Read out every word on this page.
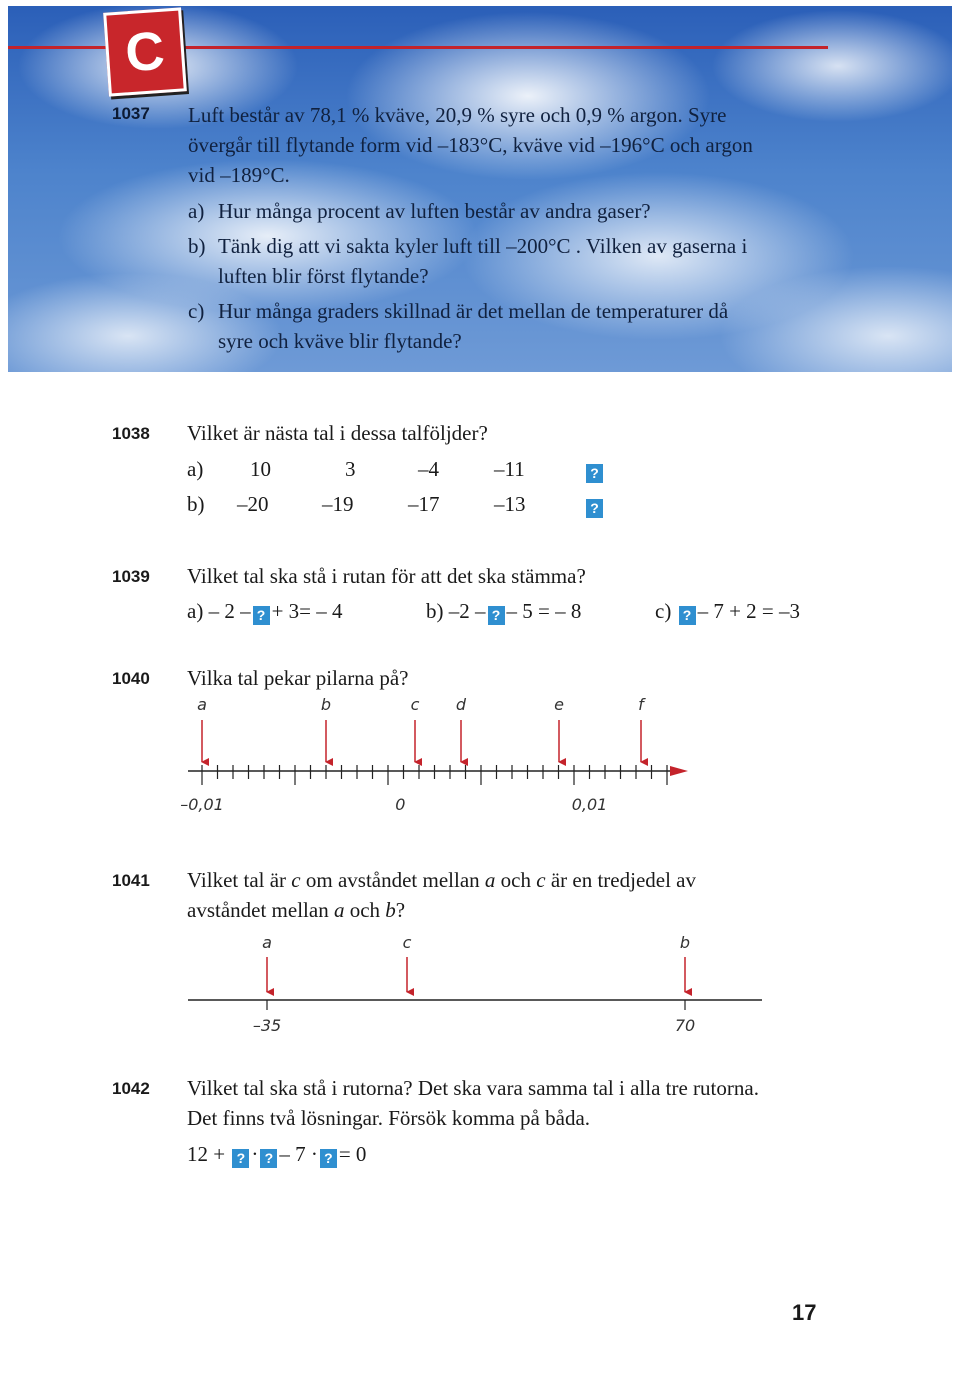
C
1037 Luft består av 78,1 % kväve, 20,9 % syre och 0,9 % argon. Syre
övergår till flytande form vid –183°C, kväve vid –196°C och argon
vid –189°C.
a) Hur många procent av luften består av andra gaser?
b) Tänk dig att vi sakta kyler luft till –200°C . Vilken av gaserna i
luften blir först flytande?
c) Hur många graders skillnad är det mellan de temperaturer då
syre och kväve blir flytande?
1038 Vilket är nästa tal i dessa talföljder?
a) 10	3	–4	–11	?
b) –20	–19	–17	–13	?
1039 Vilket tal ska stå i rutan för att det ska stämma?
a) – 2 – ? + 3= – 4	b) –2 – ? – 5 = – 8	c) ? – 7 + 2 = –3
1040 Vilka tal pekar pilarna på?
1041 Vilket tal är c om avståndet mellan a och c är en tredjedel av
avståndet mellan a och b?
1042 Vilket tal ska stå i rutorna? Det ska vara samma tal i alla tre rutorna.
Det finns två lösningar. Försök komma på båda.
12 + ? · ? – 7 · ? = 0
17
–0,01	0	0,01
a	b	c d	e	f
–35	70
a	c	b
